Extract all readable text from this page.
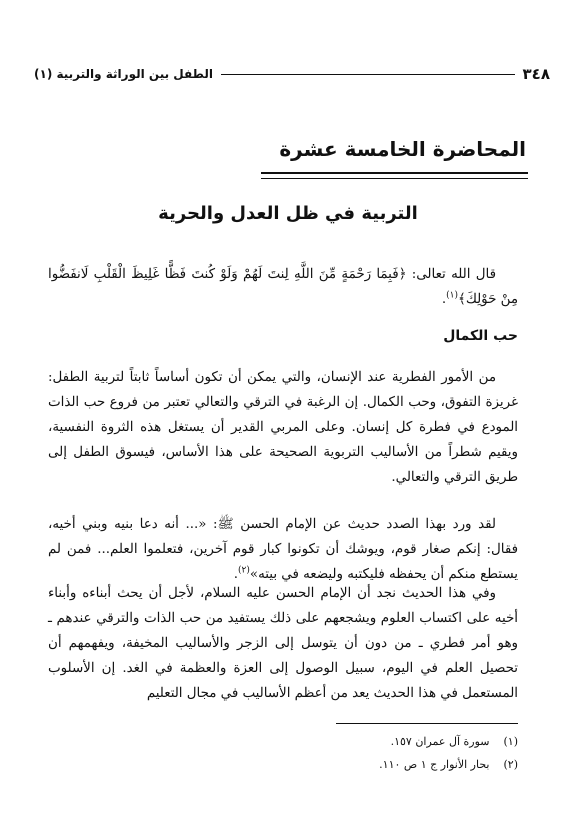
الطفل بين الوراثة والتربية (١)	٣٤٨
المحاضرة الخامسة عشرة
التربية في ظل العدل والحرية
قال الله تعالى: ﴿فَبِمَا رَحْمَةٍ مِّنَ اللَّهِ لِنتَ لَهُمْ وَلَوْ كُنتَ فَظًّا غَلِيظَ الْقَلْبِ لَانفَضُّوا مِنْ حَوْلِكَ﴾$^{(١)}$.
حب الكمال
من الأمور الفطرية عند الإنسان، والتي يمكن أن تكون أساساً ثابتاً لتربية الطفل: غريزة التفوق، وحب الكمال. إن الرغبة في الترقي والتعالي تعتبر من فروع حب الذات المودع في فطرة كل إنسان. وعلى المربي القدير أن يستغل هذه الثروة النفسية، ويقيم شطراً من الأساليب التربوية الصحيحة على هذا الأساس، فيسوق الطفل إلى طريق الترقي والتعالي.
لقد ورد بهذا الصدد حديث عن الإمام الحسن ﷺ: «... أنه دعا بنيه وبني أخيه، فقال: إنكم صغار قوم، ويوشك أن تكونوا كبار قوم آخرين، فتعلموا العلم... فمن لم يستطع منكم أن يحفظه فليكتبه وليضعه في بيته»$^{(٢)}$.
وفي هذا الحديث نجد أن الإمام الحسن عليه السلام، لأجل أن يحث أبناءه وأبناء أخيه على اكتساب العلوم ويشجعهم على ذلك يستفيد من حب الذات والترقي عندهم ـ وهو أمر فطري ـ من دون أن يتوسل إلى الزجر والأساليب المخيفة، ويفهمهم أن تحصيل العلم في اليوم، سبيل الوصول إلى العزة والعظمة في الغد. إن الأسلوب المستعمل في هذا الحديث يعد من أعظم الأساليب في مجال التعليم
(١)سورة آل عمران ١٥٧.
(٢)بحار الأنوار ج ١ ص ١١٠.
